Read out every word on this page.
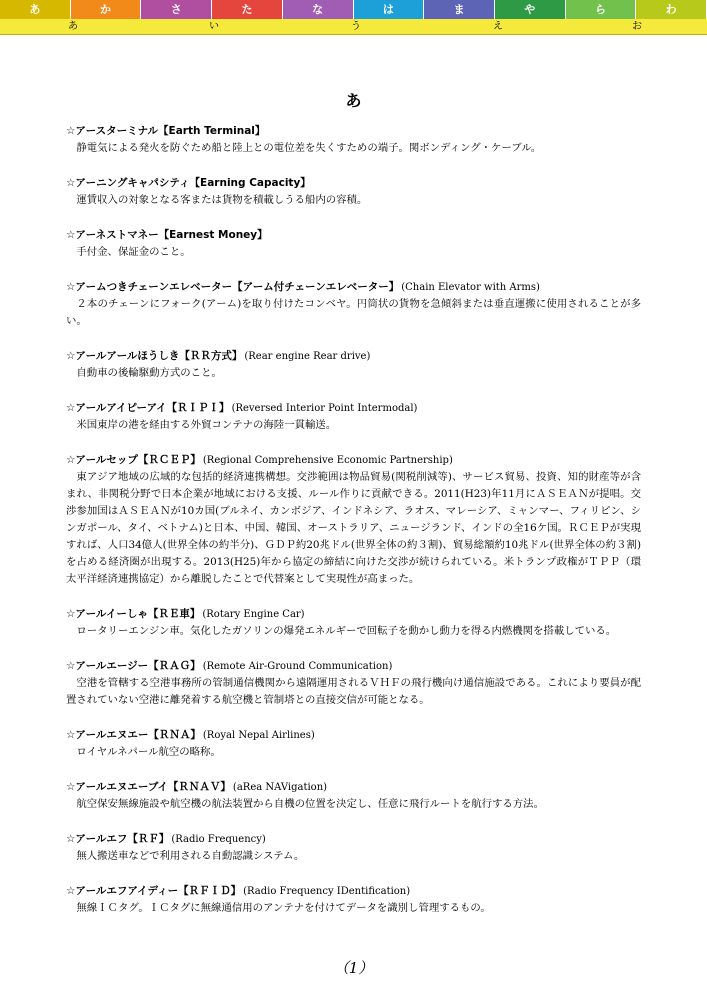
あ	か	さ	た	な	は	ま	や	ら	わ
あ	い	う	え	お
あ
☆アースターミナル【Earth Terminal】
静電気による発火を防ぐため船と陸上との電位差を失くすための端子。関ボンディング・ケーブル。
☆アーニングキャパシティ【Earning Capacity】
運賃収入の対象となる客または貨物を積載しうる船内の容積。
☆アーネストマネー【Earnest Money】
手付金、保証金のこと。
☆アームつきチェーンエレベーター【アーム付チェーンエレベーター】 (Chain Elevator with Arms)
２本のチェーンにフォーク(アーム)を取り付けたコンベヤ。円筒状の貨物を急傾斜または垂直運搬に使用されることが多い。
☆アールアールほうしき【ＲＲ方式】 (Rear engine Rear drive)
自動車の後輪駆動方式のこと。
☆アールアイピーアイ【ＲＩＰＩ】 (Reversed Interior Point Intermodal)
米国東岸の港を経由する外貿コンテナの海陸一貫輸送。
☆アールセップ【ＲＣＥＰ】 (Regional Comprehensive Economic Partnership)
東アジア地域の広域的な包括的経済連携構想。交渉範囲は物品貿易(関税削減等)、サービス貿易、投資、知的財産等が含まれ、非関税分野で日本企業が地域における支援、ルール作りに貢献できる。2011(H23)年11月にＡＳＥＡＮが提唱。交渉参加国はＡＳＥＡＮが10カ国(ブルネイ、カンボジア、インドネシア、ラオス、マレーシア、ミャンマー、フィリピン、シンガポール、タイ、ベトナム)と日本、中国、韓国、オーストラリア、ニュージランド、インドの全16ケ国。ＲＣＥＰが実現すれば、人口34億人(世界全体の約半分)、ＧＤＰ約20兆ドル(世界全体の約３割)、貿易総額約10兆ドル(世界全体の約３割)を占める経済圏が出現する。2013(H25)年から協定の締結に向けた交渉が続けられている。米トランプ政権がＴＰＰ（環太平洋経済連携協定）から離脱したことで代替案として実現性が高まった。
☆アールイーしゃ【ＲＥ車】 (Rotary Engine Car)
ロータリーエンジン車。気化したガソリンの爆発エネルギーで回転子を動かし動力を得る内燃機関を搭載している。
☆アールエージー【ＲＡＧ】 (Remote Air-Ground Communication)
空港を管轄する空港事務所の管制通信機関から遠隔運用されるＶＨＦの飛行機向け通信施設である。これにより要員が配置されていない空港に離発着する航空機と管制塔との直接交信が可能となる。
☆アールエヌエー【ＲＮＡ】 (Royal Nepal Airlines)
ロイヤルネパール航空の略称。
☆アールエヌエーブイ【ＲＮＡＶ】 (aRea NAVigation)
航空保安無線施設や航空機の航法装置から自機の位置を決定し、任意に飛行ルートを航行する方法。
☆アールエフ【ＲＦ】 (Radio Frequency)
無人搬送車などで利用される自動認識システム。
☆アールエフアイディー【ＲＦＩＤ】 (Radio Frequency IDentification)
無線ＩＣタグ。ＩＣタグに無線通信用のアンテナを付けてデータを識別し管理するもの。
（1）
